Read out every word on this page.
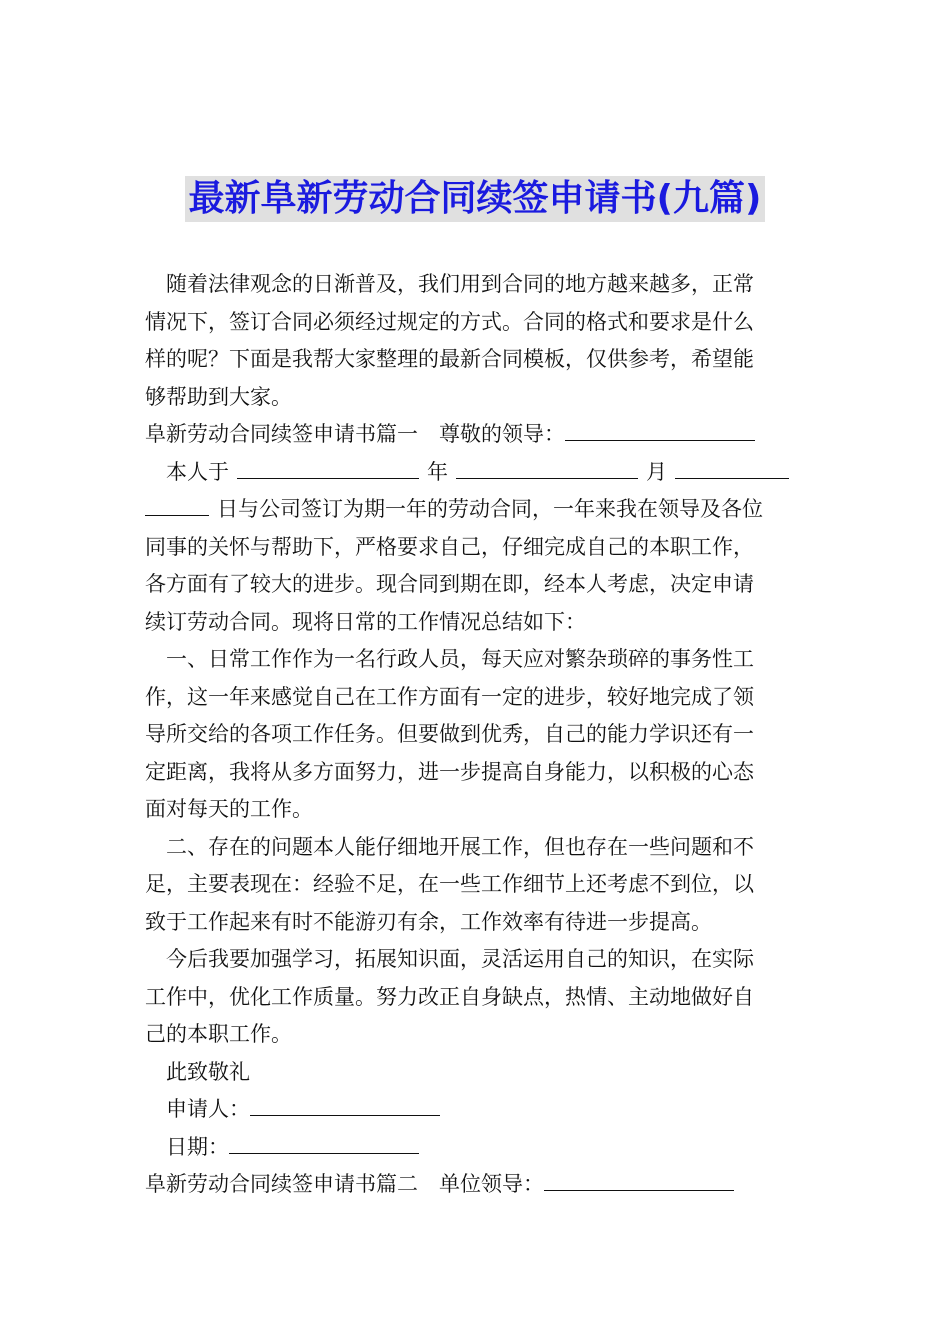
最新阜新劳动合同续签申请书(九篇)
随着法律观念的日渐普及，我们用到合同的地方越来越多，正常
情况下，签订合同必须经过规定的方式。合同的格式和要求是什么
样的呢？下面是我帮大家整理的最新合同模板，仅供参考，希望能
够帮助到大家。
阜新劳动合同续签申请书篇一 尊敬的领导：
本人于	年	月
日与公司签订为期一年的劳动合同，一年来我在领导及各位
同事的关怀与帮助下，严格要求自己，仔细完成自己的本职工作，
各方面有了较大的进步。现合同到期在即，经本人考虑，决定申请
续订劳动合同。现将日常的工作情况总结如下：
一、日常工作作为一名行政人员，每天应对繁杂琐碎的事务性工
作，这一年来感觉自己在工作方面有一定的进步，较好地完成了领
导所交给的各项工作任务。但要做到优秀，自己的能力学识还有一
定距离，我将从多方面努力，进一步提高自身能力，以积极的心态
面对每天的工作。
二、存在的问题本人能仔细地开展工作，但也存在一些问题和不
足，主要表现在：经验不足，在一些工作细节上还考虑不到位，以
致于工作起来有时不能游刃有余，工作效率有待进一步提高。
今后我要加强学习，拓展知识面，灵活运用自己的知识，在实际
工作中，优化工作质量。努力改正自身缺点，热情、主动地做好自
己的本职工作。
此致敬礼
申请人：
日期：
阜新劳动合同续签申请书篇二 单位领导：
